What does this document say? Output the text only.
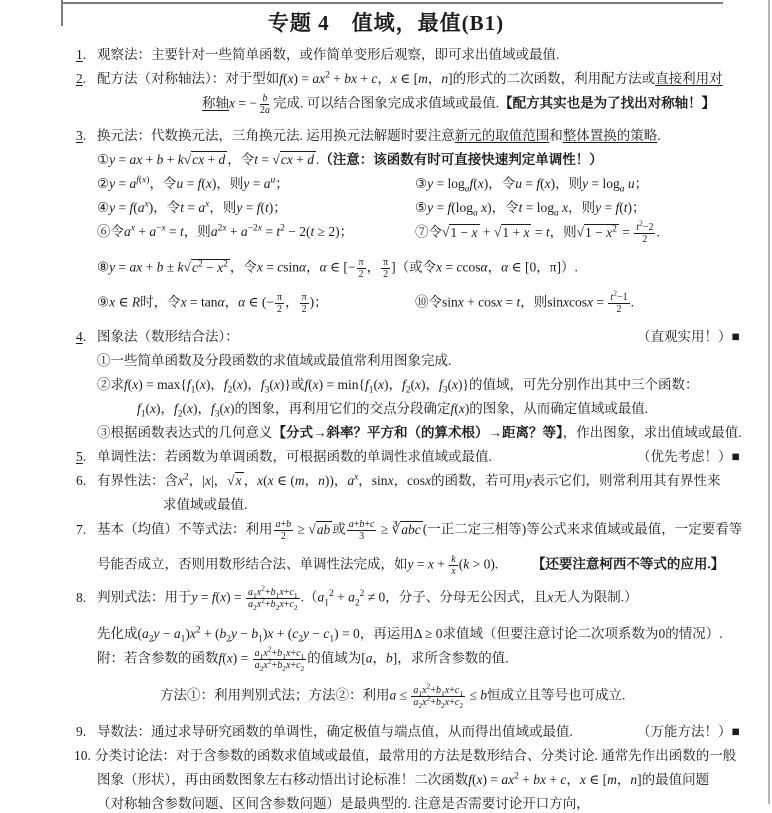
专题 4　值域，最值(B1)
1. 观察法：主要针对一些简单函数，或作简单变形后观察，即可求出值域或最值.
2. 配方法（对称轴法）：对于型如$f(x) = ax^2$ + bx + c，x ∈ [m，n]的形式的二次函数，利用配方法或直接利用对
称轴x = − $\frac{b}{2a}$ 完成. 可以结合图象完成求值域或最值.【配方其实也是为了找出对称轴！】
3. 换元法：代数换元法，三角换元法. 运用换元法解题时要注意新元的取值范围和整体置换的策略.
①y = ax + b + k√cx + d ，令t = √cx + d .（注意：该函数有时可直接快速判定单调性！）
②y = $a^{f(x)}$，令u = f(x)，则$y = a^u$；	③y = $\log_af(x)$，令u = f(x)，则$y = \log_a u$；
④y = $f(a^x)$，令$t = a^x$，则y = f(t)；	⑤y = $f(\log_a$ x)，令$t = \log_a x$，则y = f(t)；
⑥令$a^x + a^{-x} = t$，则$a^{2x} + a^{-2x} = t^2 - 2(t \ge 2)$；	⑦令√1 − x + √1 + x = t，则$√1 - x^2 = \frac{t^2-2}{2}$ .
⑧y = ax + $b \pm k√c^2 - x^2$ ，令x = csinα，α ∈ [− $\frac{\pi}{2}$ ， $\frac{\pi}{2}$ ]（或令x = ccosα，α ∈ [0，π]）.
⑨x ∈ R时，令x = tanα，α ∈ (− $\frac{\pi}{2}$ ， $\frac{\pi}{2}$ )；	⑩令sinx + cosx = t，则sinxcosx = $\frac{t^2-1}{2}$ .
4. 图象法（数形结合法）：	（直观实用！）■
①一些简单函数及分段函数的求值域或最值常利用图象完成.
②求$f(x) = \max\{f_1(x)$，$f_2(x)$，$f_3(x)$}或$f(x) = \min\{f_1(x)$，$f_2(x)$，$f_3(x)$}的值域，可先分别作出其中三个函数：
$f_1(x)$，$f_2(x)$，$f_3(x)$的图象，再利用它们的交点分段确定f(x)的图象，从而确定值域或最值.
③根据函数表达式的几何意义【分式→斜率？平方和（的算术根）→距离？等】，作出图象，求出值域或最值.
5. 单调性法：若函数为单调函数，可根据函数的单调性求值域或最值.	（优先考虑！）■
6. 有界性法：含$x^2$，|x|，√x ，x(x ∈ (m，n))，$a^x$，sinx，cosx的函数，若可用y表示它们，则常利用其有界性来
求值域或最值.
7. 基本（均值）不等式法：利用 $\frac{a+b}{2} \ge √ab$ 或 $\frac{a+b+c}{3}$ ≥ ∛abc (一正二定三相等)等公式来求值域或最值，一定要看等
号能否成立，否则用数形结合法、单调性法完成，如$y = x + \frac{k}{x} (k > 0)$.　　　【还要注意柯西不等式的应用.】
8. 判别式法：用于$y = f(x) = \frac{a_1x^2+b_1x+c_1}{a_2x^2+b_2x+c_2} .(a_1^2 + a_2^2 \ne 0$，分子、分母无公因式，且x无人为限制.）
先化成$(a_2y - a_1)x^2 + (b_2y - b_1)x + (c_2y - c_1) = 0$，再运用Δ ≥ 0求值域（但要注意讨论二次项系数为0的情况）.
附：若含参数的函数$f(x) = \frac{a_1x^2+b_1x+c_1}{a_2x^2+b_2x+c_2}$ 的值域为[a，b]，求所含参数的值.
方法①：利用判别式法；方法②：利用$a \le \frac{a_1x^2+b_1x+c_1}{a_2x^2+b_2x+c_2} \le b$恒成立且等号也可成立.
9. 导数法：通过求导研究函数的单调性，确定极值与端点值，从而得出值域或最值.	（万能方法！）■
10. 分类讨论法：对于含参数的函数求值域或最值，最常用的方法是数形结合、分类讨论. 通常先作出函数的一般
图象（形状），再由函数图象左右移动悟出讨论标准！二次函数$f(x) = ax^2$ + bx + c，x ∈ [m，n]的最值问题
（对称轴含参数问题、区间含参数问题）是最典型的. 注意是否需要讨论开口方向，
